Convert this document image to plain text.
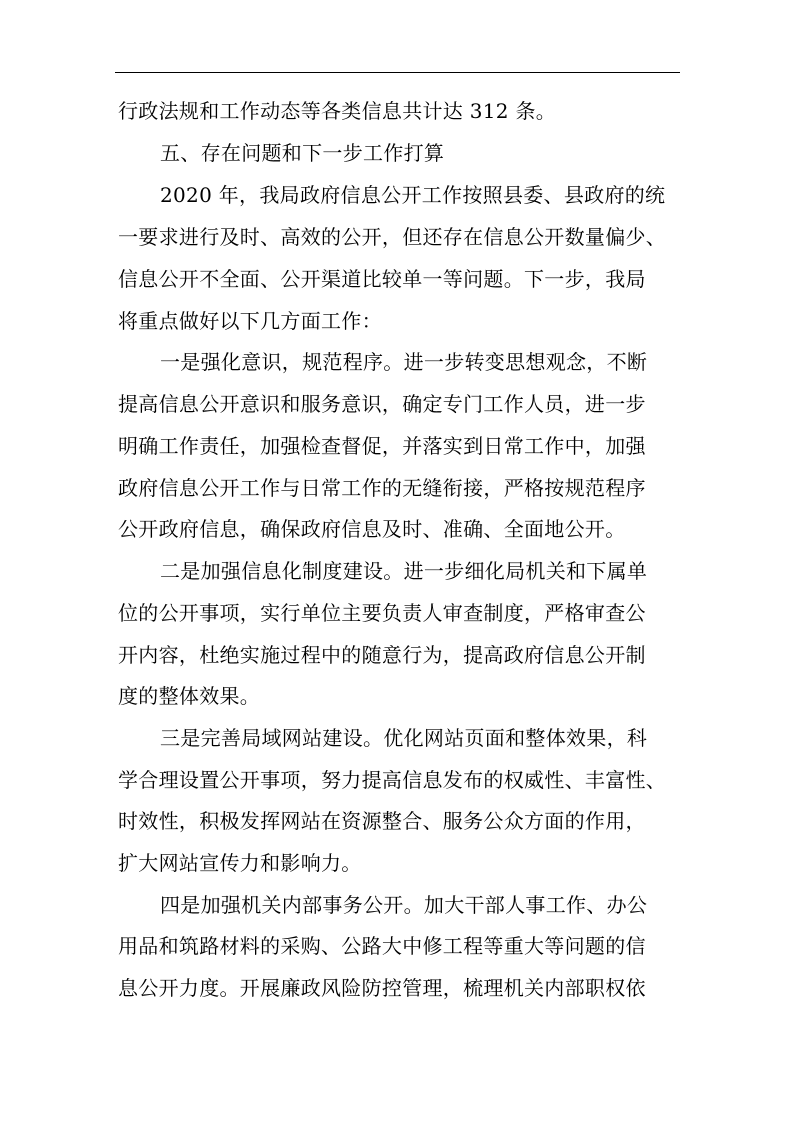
行政法规和工作动态等各类信息共计达 312 条。
五、存在问题和下一步工作打算
2020 年，我局政府信息公开工作按照县委、县政府的统
一要求进行及时、高效的公开，但还存在信息公开数量偏少、
信息公开不全面、公开渠道比较单一等问题。下一步，我局
将重点做好以下几方面工作：
一是强化意识，规范程序。进一步转变思想观念，不断
提高信息公开意识和服务意识，确定专门工作人员，进一步
明确工作责任，加强检查督促，并落实到日常工作中，加强
政府信息公开工作与日常工作的无缝衔接，严格按规范程序
公开政府信息，确保政府信息及时、准确、全面地公开。
二是加强信息化制度建设。进一步细化局机关和下属单
位的公开事项，实行单位主要负责人审查制度，严格审查公
开内容，杜绝实施过程中的随意行为，提高政府信息公开制
度的整体效果。
三是完善局域网站建设。优化网站页面和整体效果，科
学合理设置公开事项，努力提高信息发布的权威性、丰富性、
时效性，积极发挥网站在资源整合、服务公众方面的作用，
扩大网站宣传力和影响力。
四是加强机关内部事务公开。加大干部人事工作、办公
用品和筑路材料的采购、公路大中修工程等重大等问题的信
息公开力度。开展廉政风险防控管理，梳理机关内部职权依
